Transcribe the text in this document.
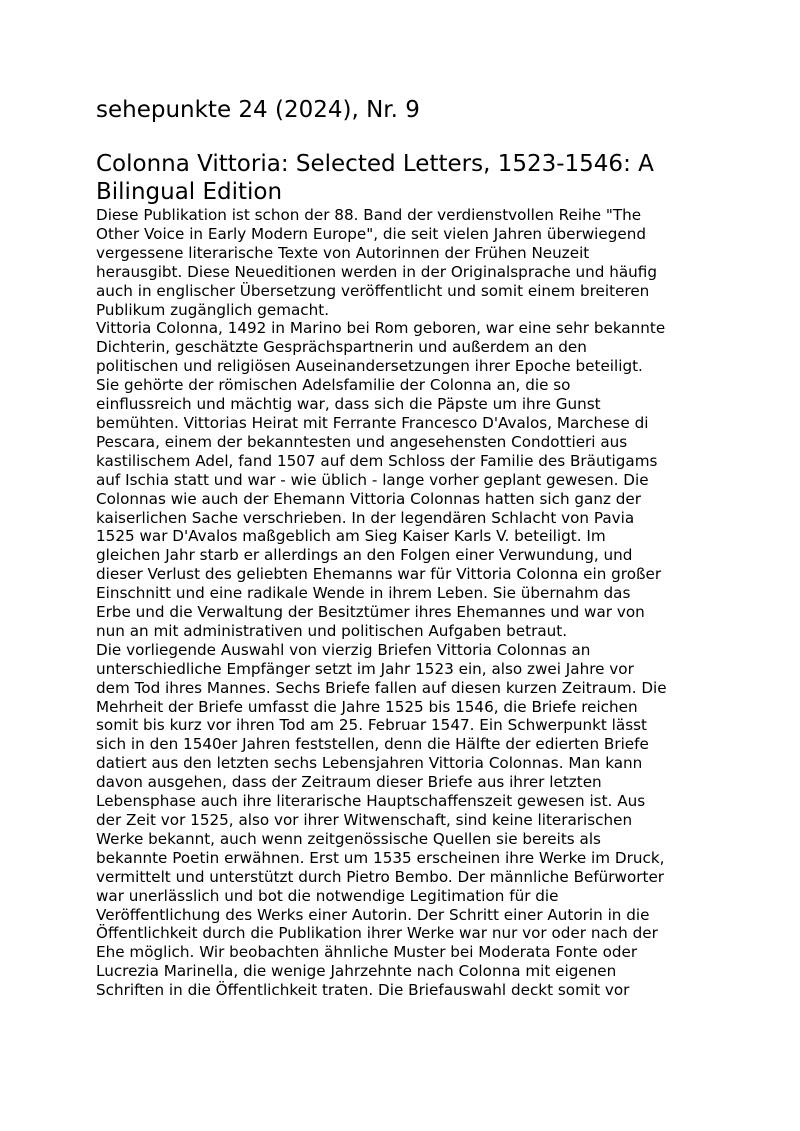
sehepunkte 24 (2024), Nr. 9
Colonna Vittoria: Selected Letters, 1523-1546: A
Bilingual Edition

Diese Publikation ist schon der 88. Band der verdienstvollen Reihe "The
Other Voice in Early Modern Europe", die seit vielen Jahren überwiegend
vergessene literarische Texte von Autorinnen der Frühen Neuzeit
herausgibt. Diese Neueditionen werden in der Originalsprache und häufig
auch in englischer Übersetzung veröffentlicht und somit einem breiteren
Publikum zugänglich gemacht.

Vittoria Colonna, 1492 in Marino bei Rom geboren, war eine sehr bekannte
Dichterin, geschätzte Gesprächspartnerin und außerdem an den
politischen und religiösen Auseinandersetzungen ihrer Epoche beteiligt.
Sie gehörte der römischen Adelsfamilie der Colonna an, die so
einflussreich und mächtig war, dass sich die Päpste um ihre Gunst
bemühten. Vittorias Heirat mit Ferrante Francesco D'Avalos, Marchese di
Pescara, einem der bekanntesten und angesehensten Condottieri aus
kastilischem Adel, fand 1507 auf dem Schloss der Familie des Bräutigams
auf Ischia statt und war - wie üblich - lange vorher geplant gewesen. Die
Colonnas wie auch der Ehemann Vittoria Colonnas hatten sich ganz der
kaiserlichen Sache verschrieben. In der legendären Schlacht von Pavia
1525 war D'Avalos maßgeblich am Sieg Kaiser Karls V. beteiligt. Im
gleichen Jahr starb er allerdings an den Folgen einer Verwundung, und
dieser Verlust des geliebten Ehemanns war für Vittoria Colonna ein großer
Einschnitt und eine radikale Wende in ihrem Leben. Sie übernahm das
Erbe und die Verwaltung der Besitztümer ihres Ehemannes und war von
nun an mit administrativen und politischen Aufgaben betraut.

Die vorliegende Auswahl von vierzig Briefen Vittoria Colonnas an
unterschiedliche Empfänger setzt im Jahr 1523 ein, also zwei Jahre vor
dem Tod ihres Mannes. Sechs Briefe fallen auf diesen kurzen Zeitraum. Die
Mehrheit der Briefe umfasst die Jahre 1525 bis 1546, die Briefe reichen
somit bis kurz vor ihren Tod am 25. Februar 1547. Ein Schwerpunkt lässt
sich in den 1540er Jahren feststellen, denn die Hälfte der edierten Briefe
datiert aus den letzten sechs Lebensjahren Vittoria Colonnas. Man kann
davon ausgehen, dass der Zeitraum dieser Briefe aus ihrer letzten
Lebensphase auch ihre literarische Hauptschaffenszeit gewesen ist. Aus
der Zeit vor 1525, also vor ihrer Witwenschaft, sind keine literarischen
Werke bekannt, auch wenn zeitgenössische Quellen sie bereits als
bekannte Poetin erwähnen. Erst um 1535 erscheinen ihre Werke im Druck,
vermittelt und unterstützt durch Pietro Bembo. Der männliche Befürworter
war unerlässlich und bot die notwendige Legitimation für die
Veröffentlichung des Werks einer Autorin. Der Schritt einer Autorin in die
Öffentlichkeit durch die Publikation ihrer Werke war nur vor oder nach der
Ehe möglich. Wir beobachten ähnliche Muster bei Moderata Fonte oder
Lucrezia Marinella, die wenige Jahrzehnte nach Colonna mit eigenen
Schriften in die Öffentlichkeit traten. Die Briefauswahl deckt somit vor
